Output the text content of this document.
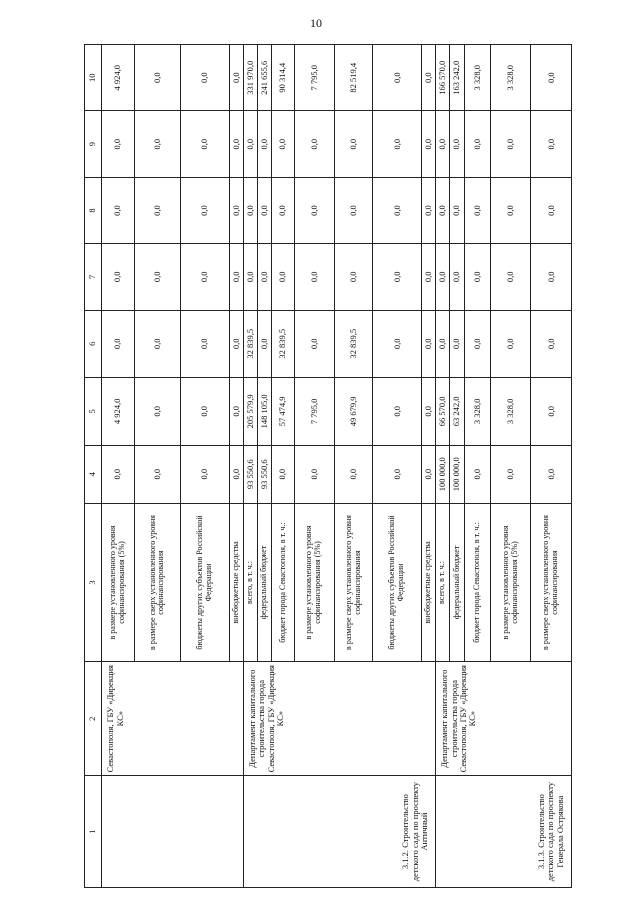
10
1	2	3	4	5	6	7	8	9	10
	Севастополя, ГБУ «Дирекция КС»	в размере установленного уровня софинансирования (5%)	0,0	4 924,0	0,0	0,0	0,0	0,0	4 924,0
		в размере сверх установленного уровня софинансирования	0,0	0,0	0,0	0,0	0,0	0,0	0,0
		бюджеты других субъектов Российской Федерации	0,0	0,0	0,0	0,0	0,0	0,0	0,0
		внебюджетные средства	0,0	0,0	0,0	0,0	0,0	0,0	0,0
3.1.2. Строительство детского сада по проспекту Античный	Департамент капитального строительства города Севастополя, ГБУ «Дирекция КС»	всего, в т. ч.:	93 550,6	205 579,9	32 839,5	0,0	0,0	0,0	331 970,0
		федеральный бюджет	93 550,6	148 105,0	0,0	0,0	0,0	0,0	241 655,6
		бюджет города Севастополя, в т. ч.:	0,0	57 474,9	32 839,5	0,0	0,0	0,0	90 314,4
		в размере установленного уровня софинансирования (5%)	0,0	7 795,0	0,0	0,0	0,0	0,0	7 795,0
		в размере сверх установленного уровня софинансирования	0,0	49 679,9	32 839,5	0,0	0,0	0,0	82 519,4
		бюджеты других субъектов Российской Федерации	0,0	0,0	0,0	0,0	0,0	0,0	0,0
		внебюджетные средства	0,0	0,0	0,0	0,0	0,0	0,0	0,0
3.1.3. Строительство детского сада по проспекту Генерала Острякова	Департамент капитального строительства города Севастополя, ГБУ «Дирекция КС»	всего, в т. ч.:	100 000,0	66 570,0	0,0	0,0	0,0	0,0	166 570,0
		федеральный бюджет	100 000,0	63 242,0	0,0	0,0	0,0	0,0	163 242,0
		бюджет города Севастополя, в т. ч.:	0,0	3 328,0	0,0	0,0	0,0	0,0	3 328,0
		в размере установленного уровня софинансирования (5%)	0,0	3 328,0	0,0	0,0	0,0	0,0	3 328,0
		в размере сверх установленного уровня софинансирования	0,0	0,0	0,0	0,0	0,0	0,0	0,0
